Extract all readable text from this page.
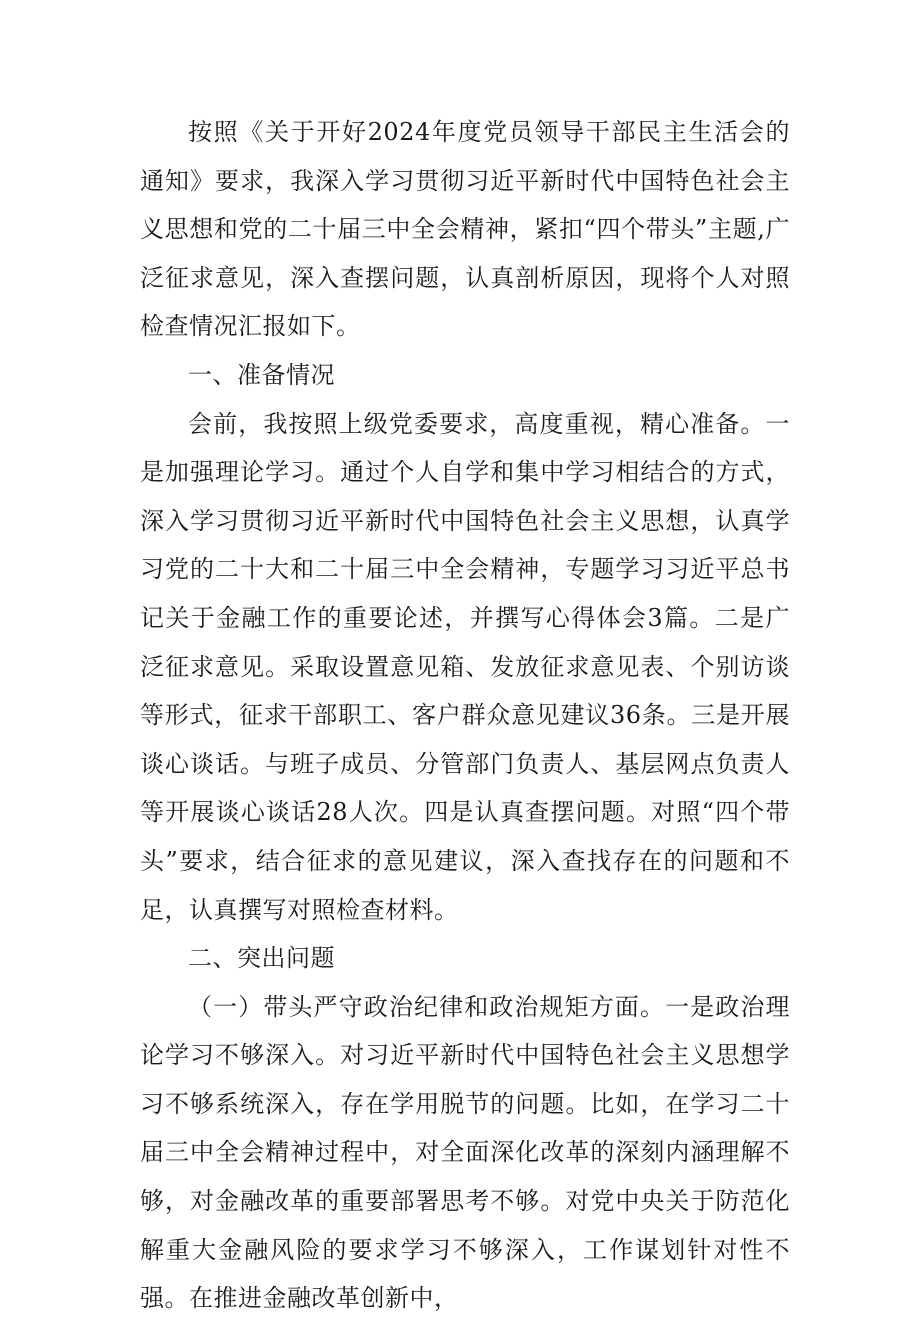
按照《关于开好2024年度党员领导干部民主生活会的通知》要求，我深入学习贯彻习近平新时代中国特色社会主义思想和党的二十届三中全会精神，紧扣“四个带头”主题,广泛征求意见，深入查摆问题，认真剖析原因，现将个人对照检查情况汇报如下。

一、准备情况

会前，我按照上级党委要求，高度重视，精心准备。一是加强理论学习。通过个人自学和集中学习相结合的方式，深入学习贯彻习近平新时代中国特色社会主义思想，认真学习党的二十大和二十届三中全会精神，专题学习习近平总书记关于金融工作的重要论述，并撰写心得体会3篇。二是广泛征求意见。采取设置意见箱、发放征求意见表、个别访谈等形式，征求干部职工、客户群众意见建议36条。三是开展谈心谈话。与班子成员、分管部门负责人、基层网点负责人等开展谈心谈话28人次。四是认真查摆问题。对照“四个带头”要求，结合征求的意见建议，深入查找存在的问题和不足，认真撰写对照检查材料。

二、突出问题

（一）带头严守政治纪律和政治规矩方面。一是政治理论学习不够深入。对习近平新时代中国特色社会主义思想学习不够系统深入，存在学用脱节的问题。比如，在学习二十届三中全会精神过程中，对全面深化改革的深刻内涵理解不够，对金融改革的重要部署思考不够。对党中央关于防范化解重大金融风险的要求学习不够深入，工作谋划针对性不强。在推进金融改革创新中，
